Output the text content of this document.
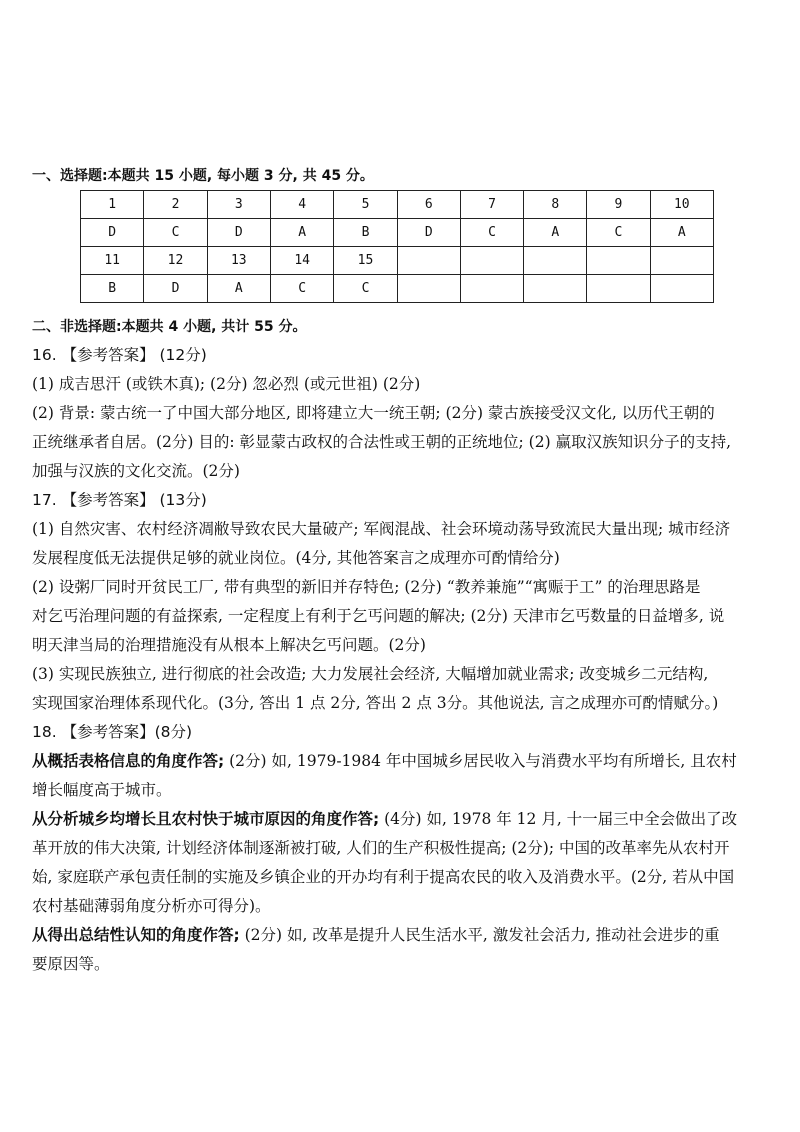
一、选择题:本题共 15 小题, 每小题 3 分, 共 45 分。
1	2	3	4	5	6	7	8	9	10
D	C	D	A	B	D	C	A	C	A
11	12	13	14	15					
B	D	A	C	C					
二、非选择题:本题共 4 小题, 共计 55 分。
16. 【参考答案】 (12分)
(1) 成吉思汗 (或铁木真); (2分) 忽必烈 (或元世祖) (2分)
(2) 背景: 蒙古统一了中国大部分地区, 即将建立大一统王朝; (2分) 蒙古族接受汉文化, 以历代王朝的
正统继承者自居。(2分) 目的: 彰显蒙古政权的合法性或王朝的正统地位; (2) 赢取汉族知识分子的支持,
加强与汉族的文化交流。(2分)
17. 【参考答案】 (13分)
(1) 自然灾害、农村经济凋敝导致农民大量破产; 军阀混战、社会环境动荡导致流民大量出现; 城市经济
发展程度低无法提供足够的就业岗位。(4分, 其他答案言之成理亦可酌情给分)
(2) 设粥厂同时开贫民工厂, 带有典型的新旧并存特色; (2分) “教养兼施”“寓赈于工” 的治理思路是
对乞丐治理问题的有益探索, 一定程度上有利于乞丐问题的解决; (2分) 天津市乞丐数量的日益增多, 说
明天津当局的治理措施没有从根本上解决乞丐问题。(2分)
(3) 实现民族独立, 进行彻底的社会改造; 大力发展社会经济, 大幅增加就业需求; 改变城乡二元结构,
实现国家治理体系现代化。(3分, 答出 1 点 2分, 答出 2 点 3分。其他说法, 言之成理亦可酌情赋分。)
18. 【参考答案】(8分)
从概括表格信息的角度作答; (2分) 如, 1979-1984 年中国城乡居民收入与消费水平均有所增长, 且农村
增长幅度高于城市。
从分析城乡均增长且农村快于城市原因的角度作答; (4分) 如, 1978 年 12 月, 十一届三中全会做出了改
革开放的伟大决策, 计划经济体制逐渐被打破, 人们的生产积极性提高; (2分); 中国的改革率先从农村开
始, 家庭联产承包责任制的实施及乡镇企业的开办均有利于提高农民的收入及消费水平。(2分, 若从中国
农村基础薄弱角度分析亦可得分)。
从得出总结性认知的角度作答; (2分) 如, 改革是提升人民生活水平, 激发社会活力, 推动社会进步的重
要原因等。
